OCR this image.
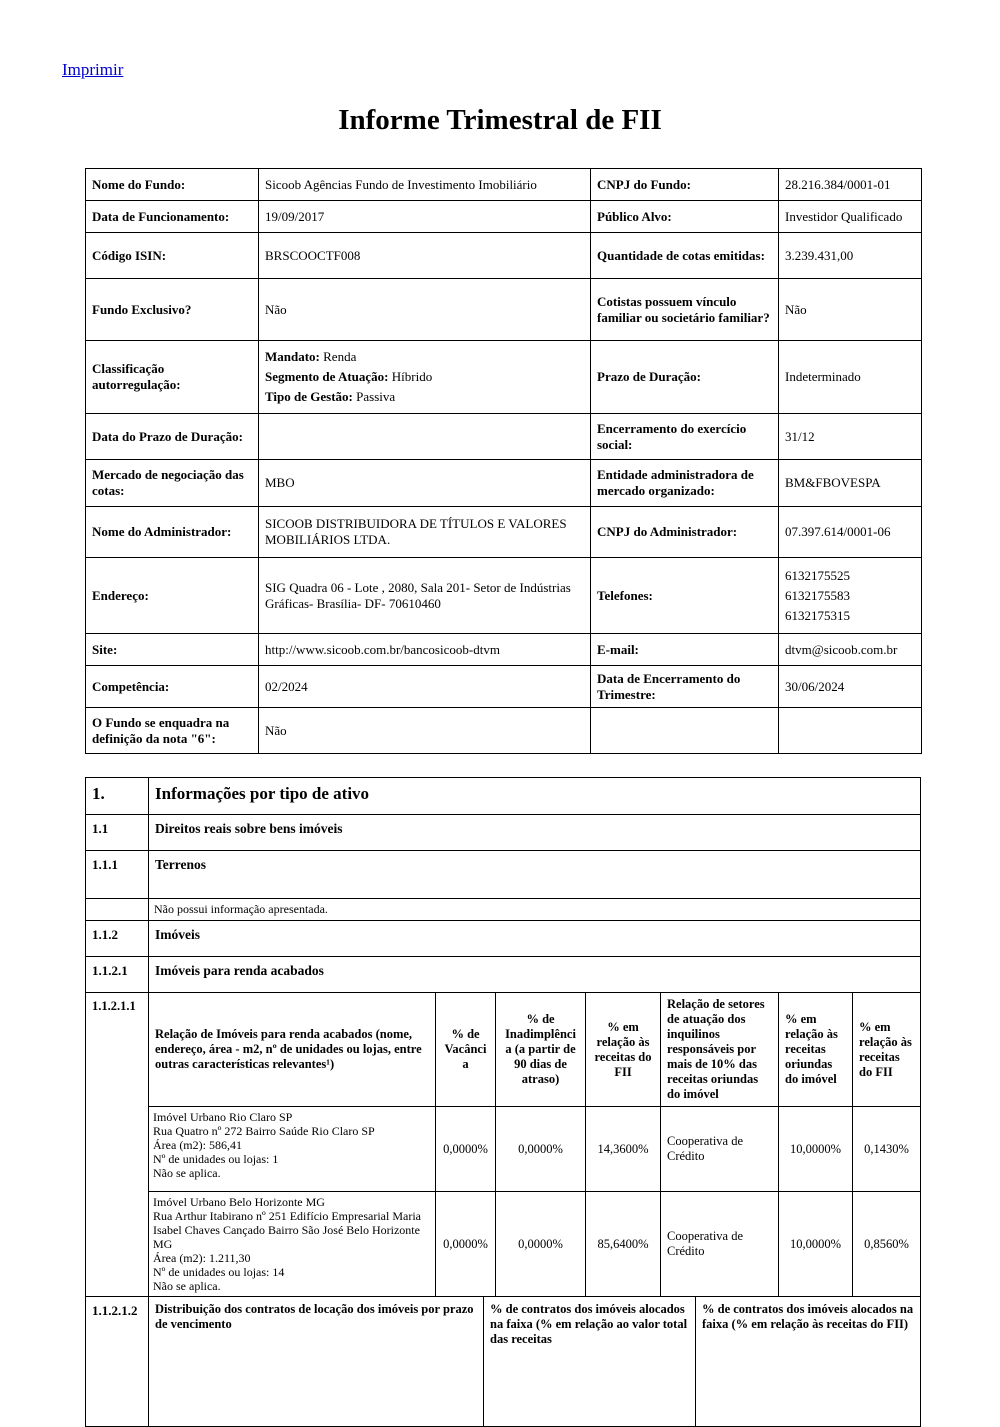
Imprimir
Informe Trimestral de FII
Nome do Fundo:	Sicoob Agências Fundo de Investimento Imobiliário	CNPJ do Fundo:	28.216.384/0001-01
Data de Funcionamento:	19/09/2017	Público Alvo:	Investidor Qualificado
Código ISIN:	BRSCOOCTF008	Quantidade de cotas emitidas:	3.239.431,00
Fundo Exclusivo?	Não	Cotistas possuem vínculo familiar ou societário familiar?	Não
Classificação autorregulação:	Mandato: Renda
Segmento de Atuação: Híbrido
Tipo de Gestão: Passiva	Prazo de Duração:	Indeterminado
Data do Prazo de Duração:		Encerramento do exercício social:	31/12
Mercado de negociação das cotas:	MBO	Entidade administradora de mercado organizado:	BM&FBOVESPA
Nome do Administrador:	SICOOB DISTRIBUIDORA DE TÍTULOS E VALORES MOBILIÁRIOS LTDA.	CNPJ do Administrador:	07.397.614/0001-06
Endereço:	SIG Quadra 06 - Lote , 2080, Sala 201- Setor de Indústrias Gráficas- Brasília- DF- 70610460	Telefones:	6132175525
6132175583
6132175315

Site:	http://www.sicoob.com.br/bancosicoob-dtvm	E-mail:	dtvm@sicoob.com.br
Competência:	02/2024	Data de Encerramento do Trimestre:	30/06/2024
O Fundo se enquadra na definição da nota "6":	Não		
1.	Informações por tipo de ativo
1.1	Direitos reais sobre bens imóveis
1.1.1	Terrenos
	Não possui informação apresentada.
1.1.2	Imóveis
1.1.2.1	Imóveis para renda acabados
1.1.2.1.1	Relação de Imóveis para renda acabados (nome, endereço, área - m2, nº de unidades ou lojas, entre outras características relevantes¹)	% de Vacância	% de Inadimplência (a partir de 90 dias de atraso)	% em relação às receitas do FII	Relação de setores de atuação dos inquilinos responsáveis por mais de 10% das receitas oriundas do imóvel	% em relação às receitas oriundas do imóvel	% em relação às receitas do FII

	Imóvel Urbano Rio Claro SP
Rua Quatro nº 272 Bairro Saúde Rio Claro SP
Área (m2): 586,41
Nº de unidades ou lojas: 1
Não se aplica.	0,0000%	0,0000%	14,3600%	Cooperativa de Crédito	10,0000%	0,1430%

	Imóvel Urbano Belo Horizonte MG
Rua Arthur Itabirano nº 251 Edifício Empresarial Maria Isabel Chaves Cançado Bairro São José Belo Horizonte MG
Área (m2): 1.211,30
Nº de unidades ou lojas: 14
Não se aplica.	0,0000%	0,0000%	85,6400%	Cooperativa de Crédito	10,0000%	0,8560%
1.1.2.1.2	Distribuição dos contratos de locação dos imóveis por prazo de vencimento	% de contratos dos imóveis alocados na faixa (% em relação ao valor total das receitas	% de contratos dos imóveis alocados na faixa (% em relação às receitas do FII)
